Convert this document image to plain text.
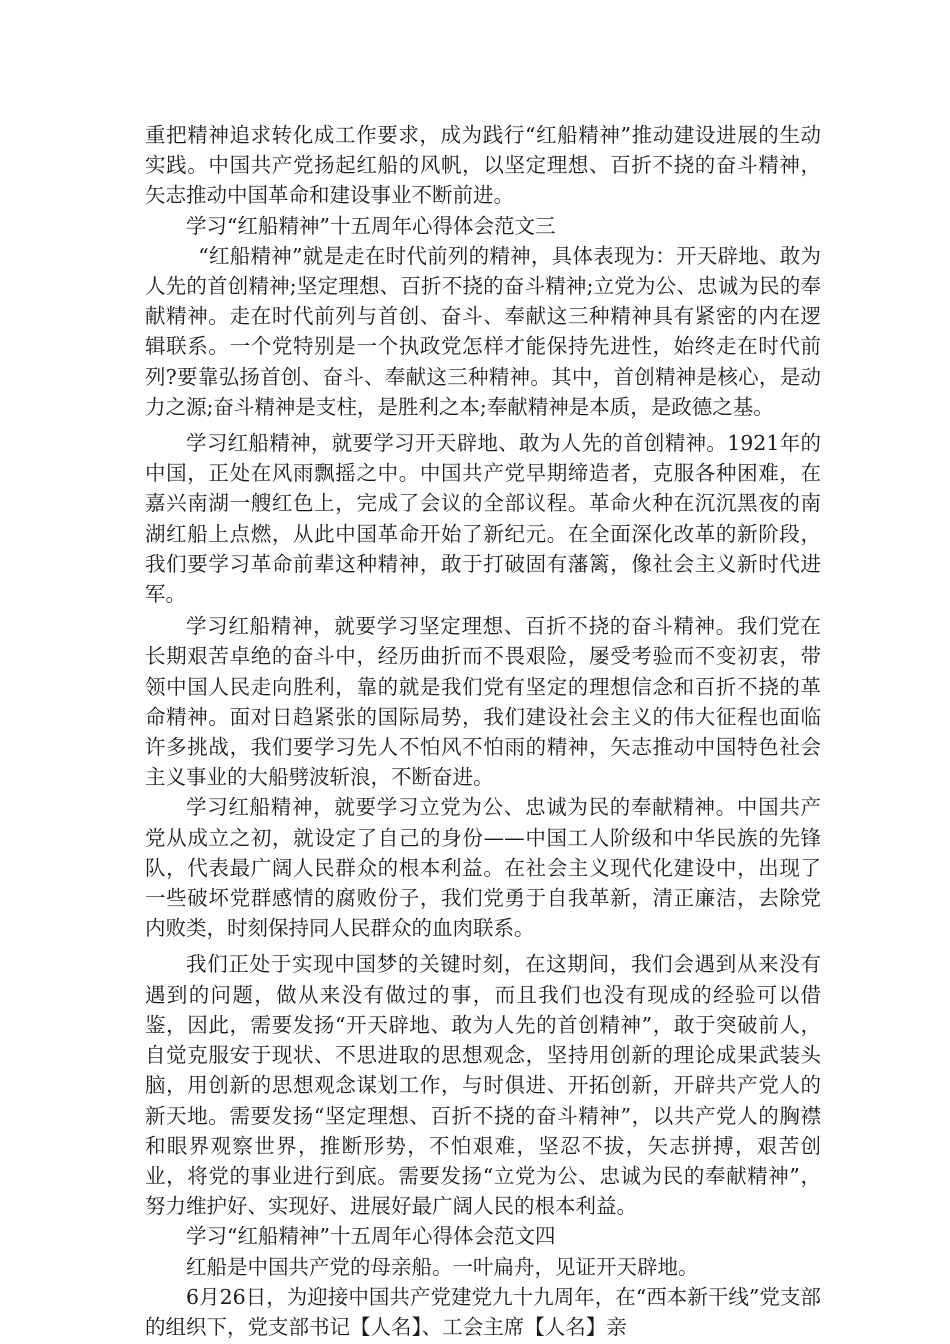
重把精神追求转化成工作要求，成为践行“红船精神”推动建设进展的生动实践。中国共产党扬起红船的风帆，以坚定理想、百折不挠的奋斗精神，矢志推动中国革命和建设事业不断前进。

学习“红船精神”十五周年心得体会范文三

“红船精神”就是走在时代前列的精神，具体表现为：开天辟地、敢为人先的首创精神;坚定理想、百折不挠的奋斗精神;立党为公、忠诚为民的奉献精神。走在时代前列与首创、奋斗、奉献这三种精神具有紧密的内在逻辑联系。一个党特别是一个执政党怎样才能保持先进性，始终走在时代前列?要靠弘扬首创、奋斗、奉献这三种精神。其中，首创精神是核心，是动力之源;奋斗精神是支柱，是胜利之本;奉献精神是本质，是政德之基。

学习红船精神，就要学习开天辟地、敢为人先的首创精神。1921年的中国，正处在风雨飘摇之中。中国共产党早期缔造者，克服各种困难，在嘉兴南湖一艘红色上，完成了会议的全部议程。革命火种在沉沉黑夜的南湖红船上点燃，从此中国革命开始了新纪元。在全面深化改革的新阶段，我们要学习革命前辈这种精神，敢于打破固有藩篱，像社会主义新时代进军。

学习红船精神，就要学习坚定理想、百折不挠的奋斗精神。我们党在长期艰苦卓绝的奋斗中，经历曲折而不畏艰险，屡受考验而不变初衷，带领中国人民走向胜利，靠的就是我们党有坚定的理想信念和百折不挠的革命精神。面对日趋紧张的国际局势，我们建设社会主义的伟大征程也面临许多挑战，我们要学习先人不怕风不怕雨的精神，矢志推动中国特色社会主义事业的大船劈波斩浪，不断奋进。

学习红船精神，就要学习立党为公、忠诚为民的奉献精神。中国共产党从成立之初，就设定了自己的身份——中国工人阶级和中华民族的先锋队，代表最广阔人民群众的根本利益。在社会主义现代化建设中，出现了一些破坏党群感情的腐败份子，我们党勇于自我革新，清正廉洁，去除党内败类，时刻保持同人民群众的血肉联系。

我们正处于实现中国梦的关键时刻，在这期间，我们会遇到从来没有遇到的问题，做从来没有做过的事，而且我们也没有现成的经验可以借鉴，因此，需要发扬“开天辟地、敢为人先的首创精神”，敢于突破前人，自觉克服安于现状、不思进取的思想观念，坚持用创新的理论成果武装头脑，用创新的思想观念谋划工作，与时俱进、开拓创新，开辟共产党人的新天地。需要发扬“坚定理想、百折不挠的奋斗精神”，以共产党人的胸襟和眼界观察世界，推断形势，不怕艰难，坚忍不拔，矢志拼搏，艰苦创业，将党的事业进行到底。需要发扬“立党为公、忠诚为民的奉献精神”，努力维护好、实现好、进展好最广阔人民的根本利益。

学习“红船精神”十五周年心得体会范文四

红船是中国共产党的母亲船。一叶扁舟，见证开天辟地。

6月26日，为迎接中国共产党建党九十九周年，在“西本新干线”党支部的组织下，党支部书记【人名】、工会主席【人名】亲
